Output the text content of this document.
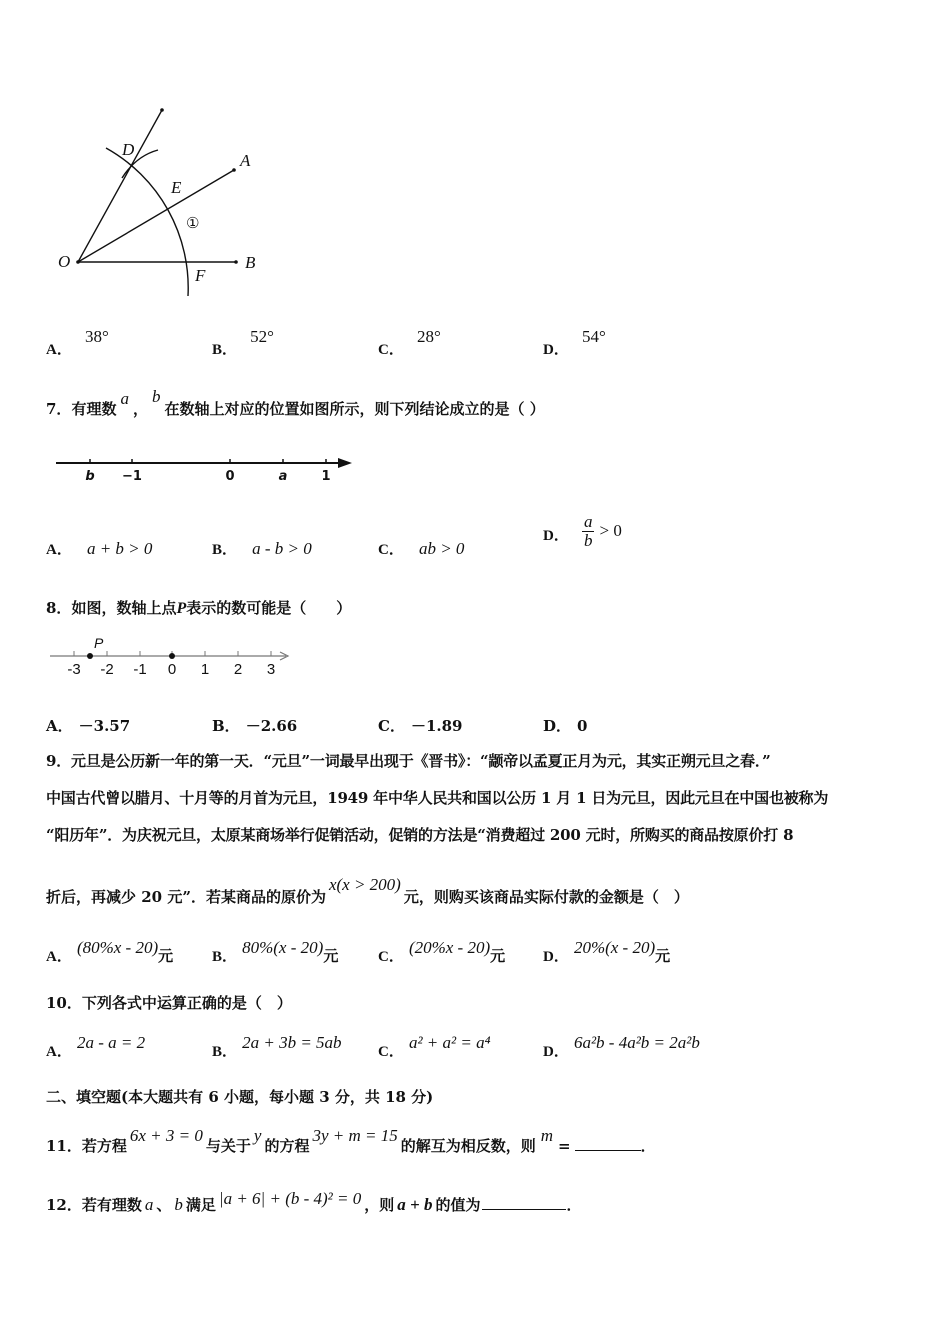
O
A
B
D
E
F
①
A． 38°
B． 52°
C． 28°
D． 54°
7．有理数a，b在数轴上对应的位置如图所示，则下列结论成立的是（ ）
b −1	0	a	1
A． a + b > 0	B． a - b > 0	C． ab > 0
D． $\frac{a}{b} > 0$
8．如图，数轴上点P表示的数可能是（　　）
P
-3 -2 -1 0 1 2 3
A． －3.57	B． －2.66	C． －1.89	D． 0
9．元旦是公历新一年的第一天．“元旦”一词最早出现于《晋书》：“颛帝以孟夏正月为元，其实正朔元旦之春．”
中国古代曾以腊月、十月等的月首为元旦，1949 年中华人民共和国以公历 1 月 1 日为元旦，因此元旦在中国也被称为
“阳历年”．为庆祝元旦，太原某商场举行促销活动，促销的方法是“消费超过 200 元时，所购买的商品按原价打 8
折后，再减少 20 元”．若某商品的原价为x(x > 200)元，则购买该商品实际付款的金额是（　）
A． (80%x - 20)元	B． 80%(x - 20)元	C． (20%x - 20)元	D． 20%(x - 20)元
10．下列各式中运算正确的是（　）
A． 2a - a = 2	B． 2a + 3b = 5ab C． a² + a² = a⁴	D． 6a²b - 4a²b = 2a²b
二、填空题(本大题共有 6 小题，每小题 3 分，共 18 分)
11．若方程6x + 3 = 0与关于y的方程3y + m = 15的解互为相反数，则m=	．
12．若有理数 a 、 b 满足 |a + 6| + (b - 4)² = 0 ，则 a + b 的值为	．
